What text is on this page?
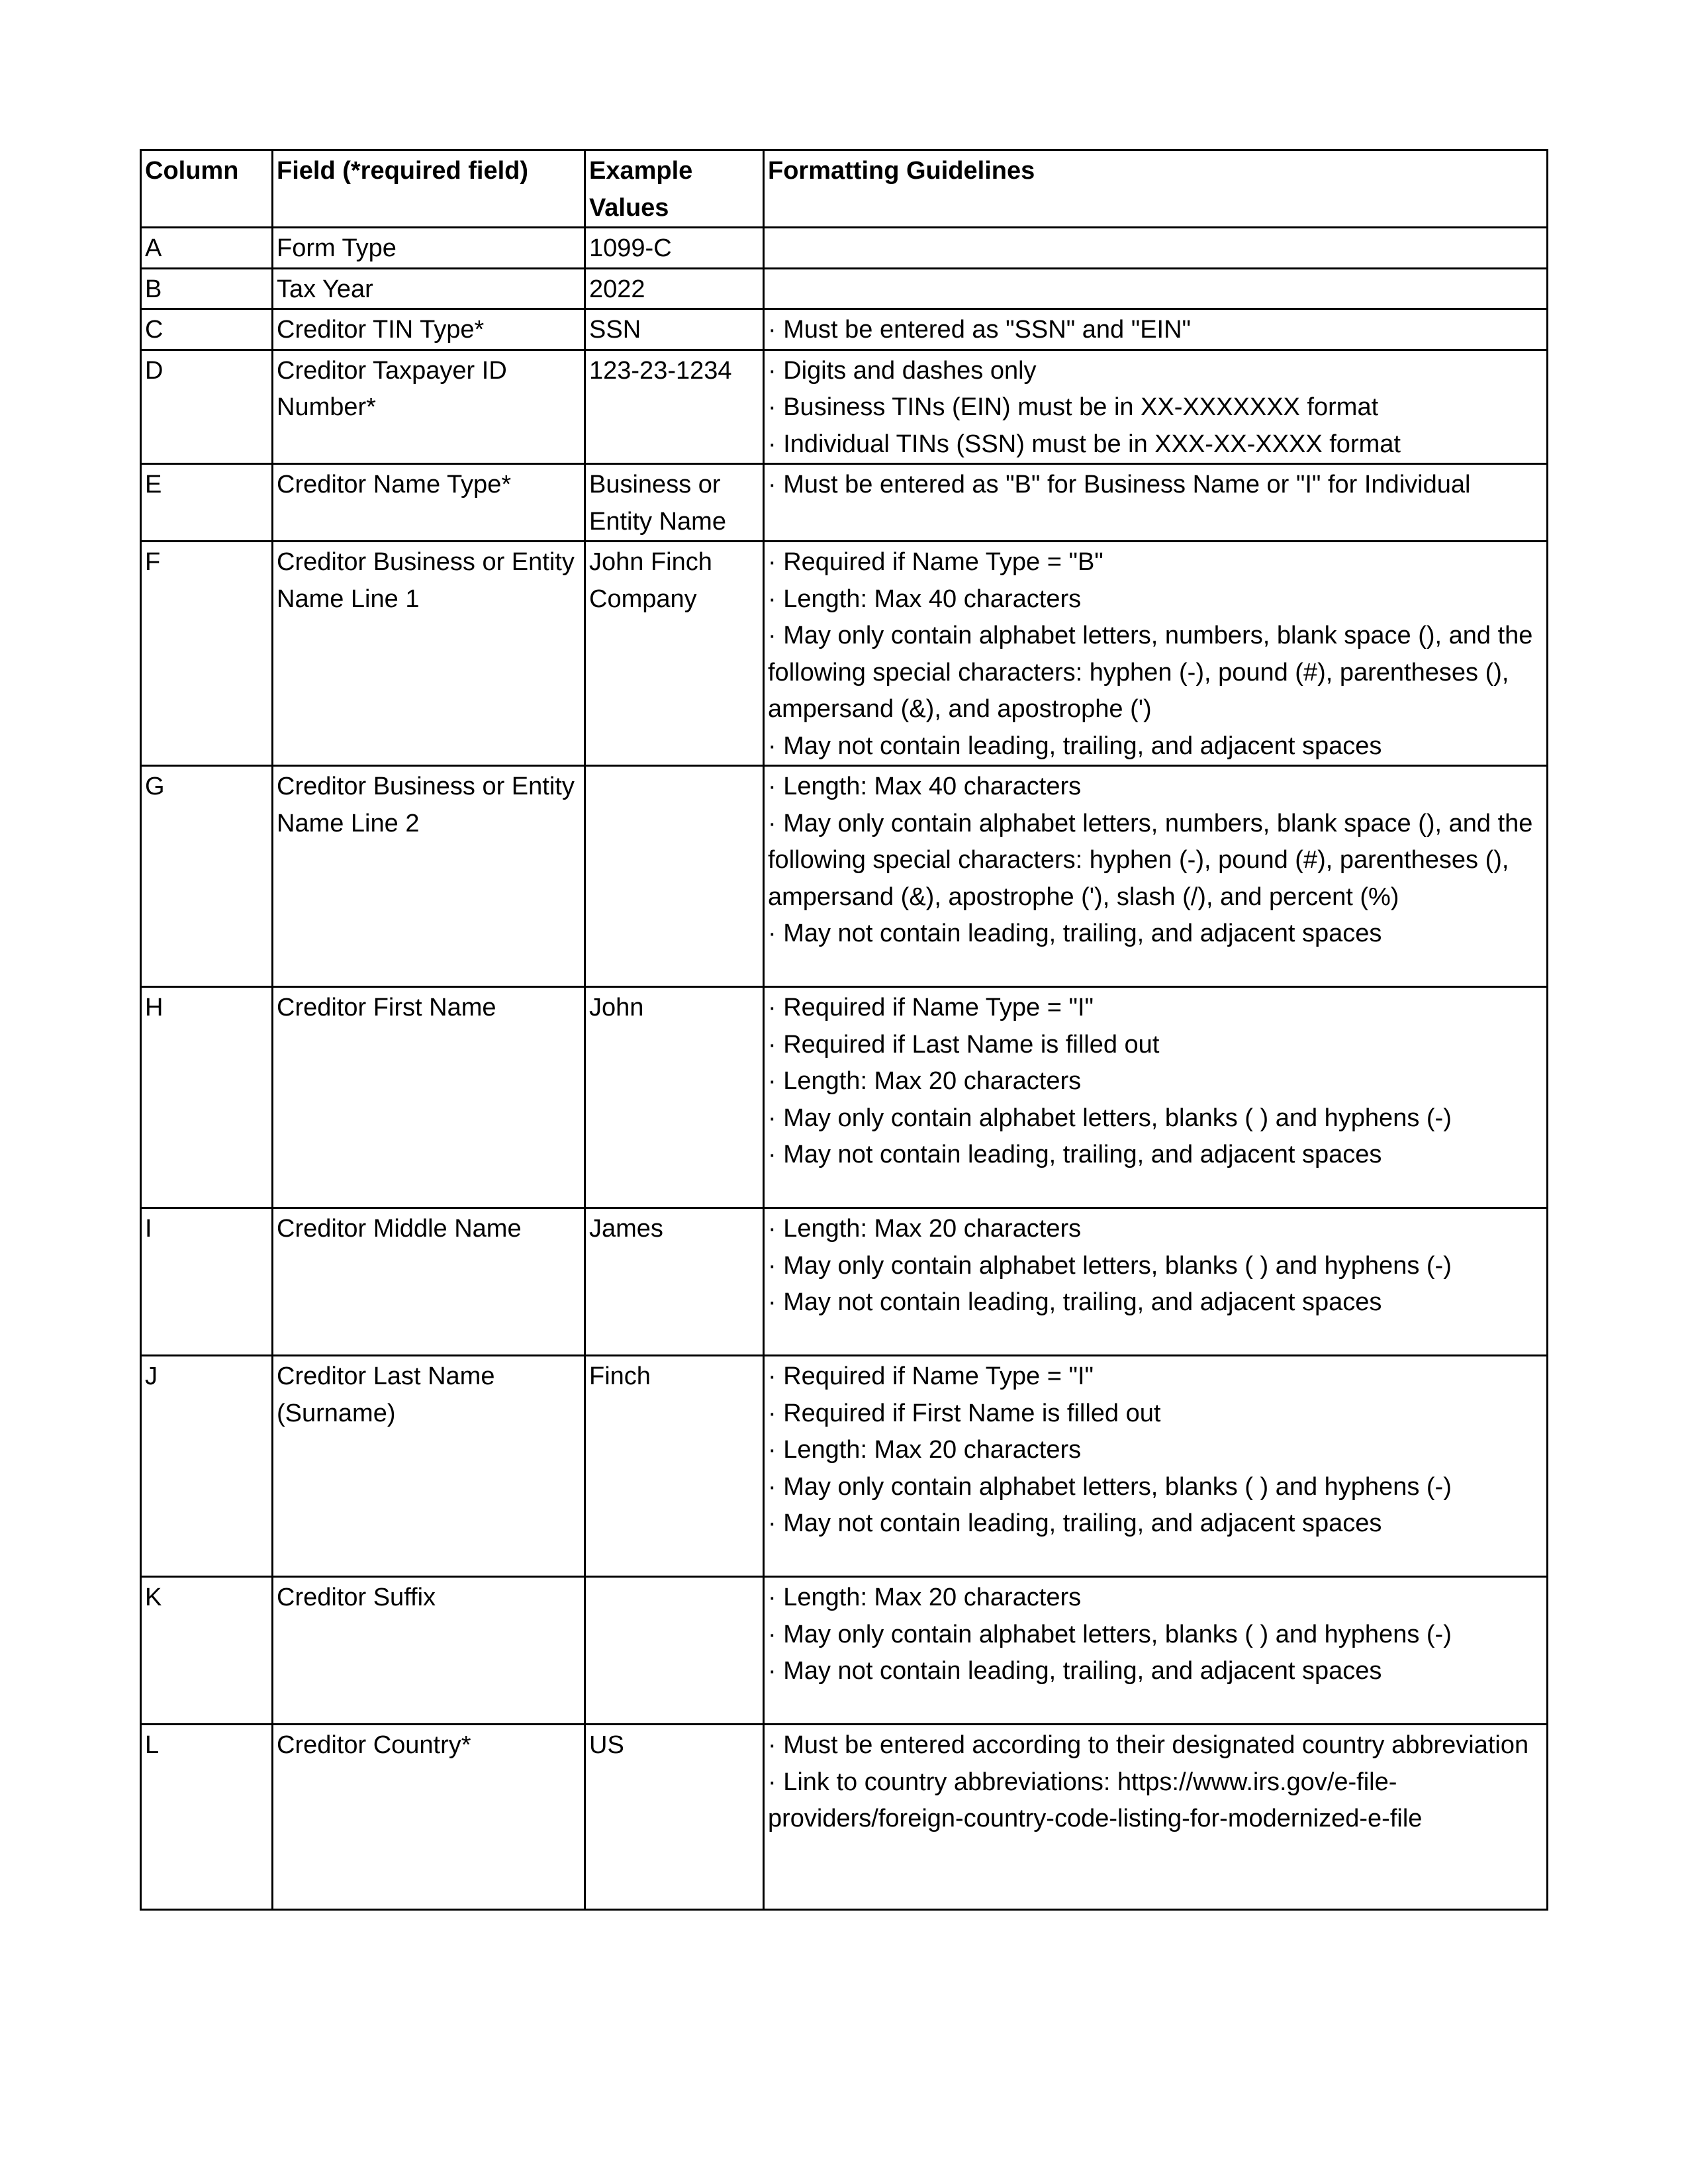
Column	Field (*required field)	Example Values	Formatting Guidelines
A	Form Type	1099-C	
B	Tax Year	2022	
C	Creditor TIN Type*	SSN	· Must be entered as "SSN" and "EIN"

D	Creditor Taxpayer ID Number*	123-23-1234	· Digits and dashes only
· Business TINs (EIN) must be in XX-XXXXXXX format
· Individual TINs (SSN) must be in XXX-XX-XXXX format

E	Creditor Name Type*	Business or Entity Name	· Must be entered as "B" for Business Name or "I" for Individual

F	Creditor Business or Entity Name Line 1	John Finch Company	· Required if Name Type = "B"
· Length: Max 40 characters
· May only contain alphabet letters, numbers, blank space (), and the following special characters: hyphen (-), pound (#), parentheses (), ampersand (&), and apostrophe (')
· May not contain leading, trailing, and adjacent spaces

G	Creditor Business or Entity Name Line 2		· Length: Max 40 characters
· May only contain alphabet letters, numbers, blank space (), and the following special characters: hyphen (-), pound (#), parentheses (), ampersand (&), apostrophe ('), slash (/), and percent (%)
· May not contain leading, trailing, and adjacent spaces

H	Creditor First Name	John	· Required if Name Type = "I"
· Required if Last Name is filled out
· Length: Max 20 characters
· May only contain alphabet letters, blanks ( ) and hyphens (-)
· May not contain leading, trailing, and adjacent spaces

I	Creditor Middle Name	James	· Length: Max 20 characters
· May only contain alphabet letters, blanks ( ) and hyphens (-)
· May not contain leading, trailing, and adjacent spaces

J	Creditor Last Name (Surname)	Finch	· Required if Name Type = "I"
· Required if First Name is filled out
· Length: Max 20 characters
· May only contain alphabet letters, blanks ( ) and hyphens (-)
· May not contain leading, trailing, and adjacent spaces

K	Creditor Suffix		· Length: Max 20 characters
· May only contain alphabet letters, blanks ( ) and hyphens (-)
· May not contain leading, trailing, and adjacent spaces

L	Creditor Country*	US	· Must be entered according to their designated country abbreviation
· Link to country abbreviations: https://www.irs.gov/e-file-providers/foreign-country-code-listing-for-modernized-e-file
